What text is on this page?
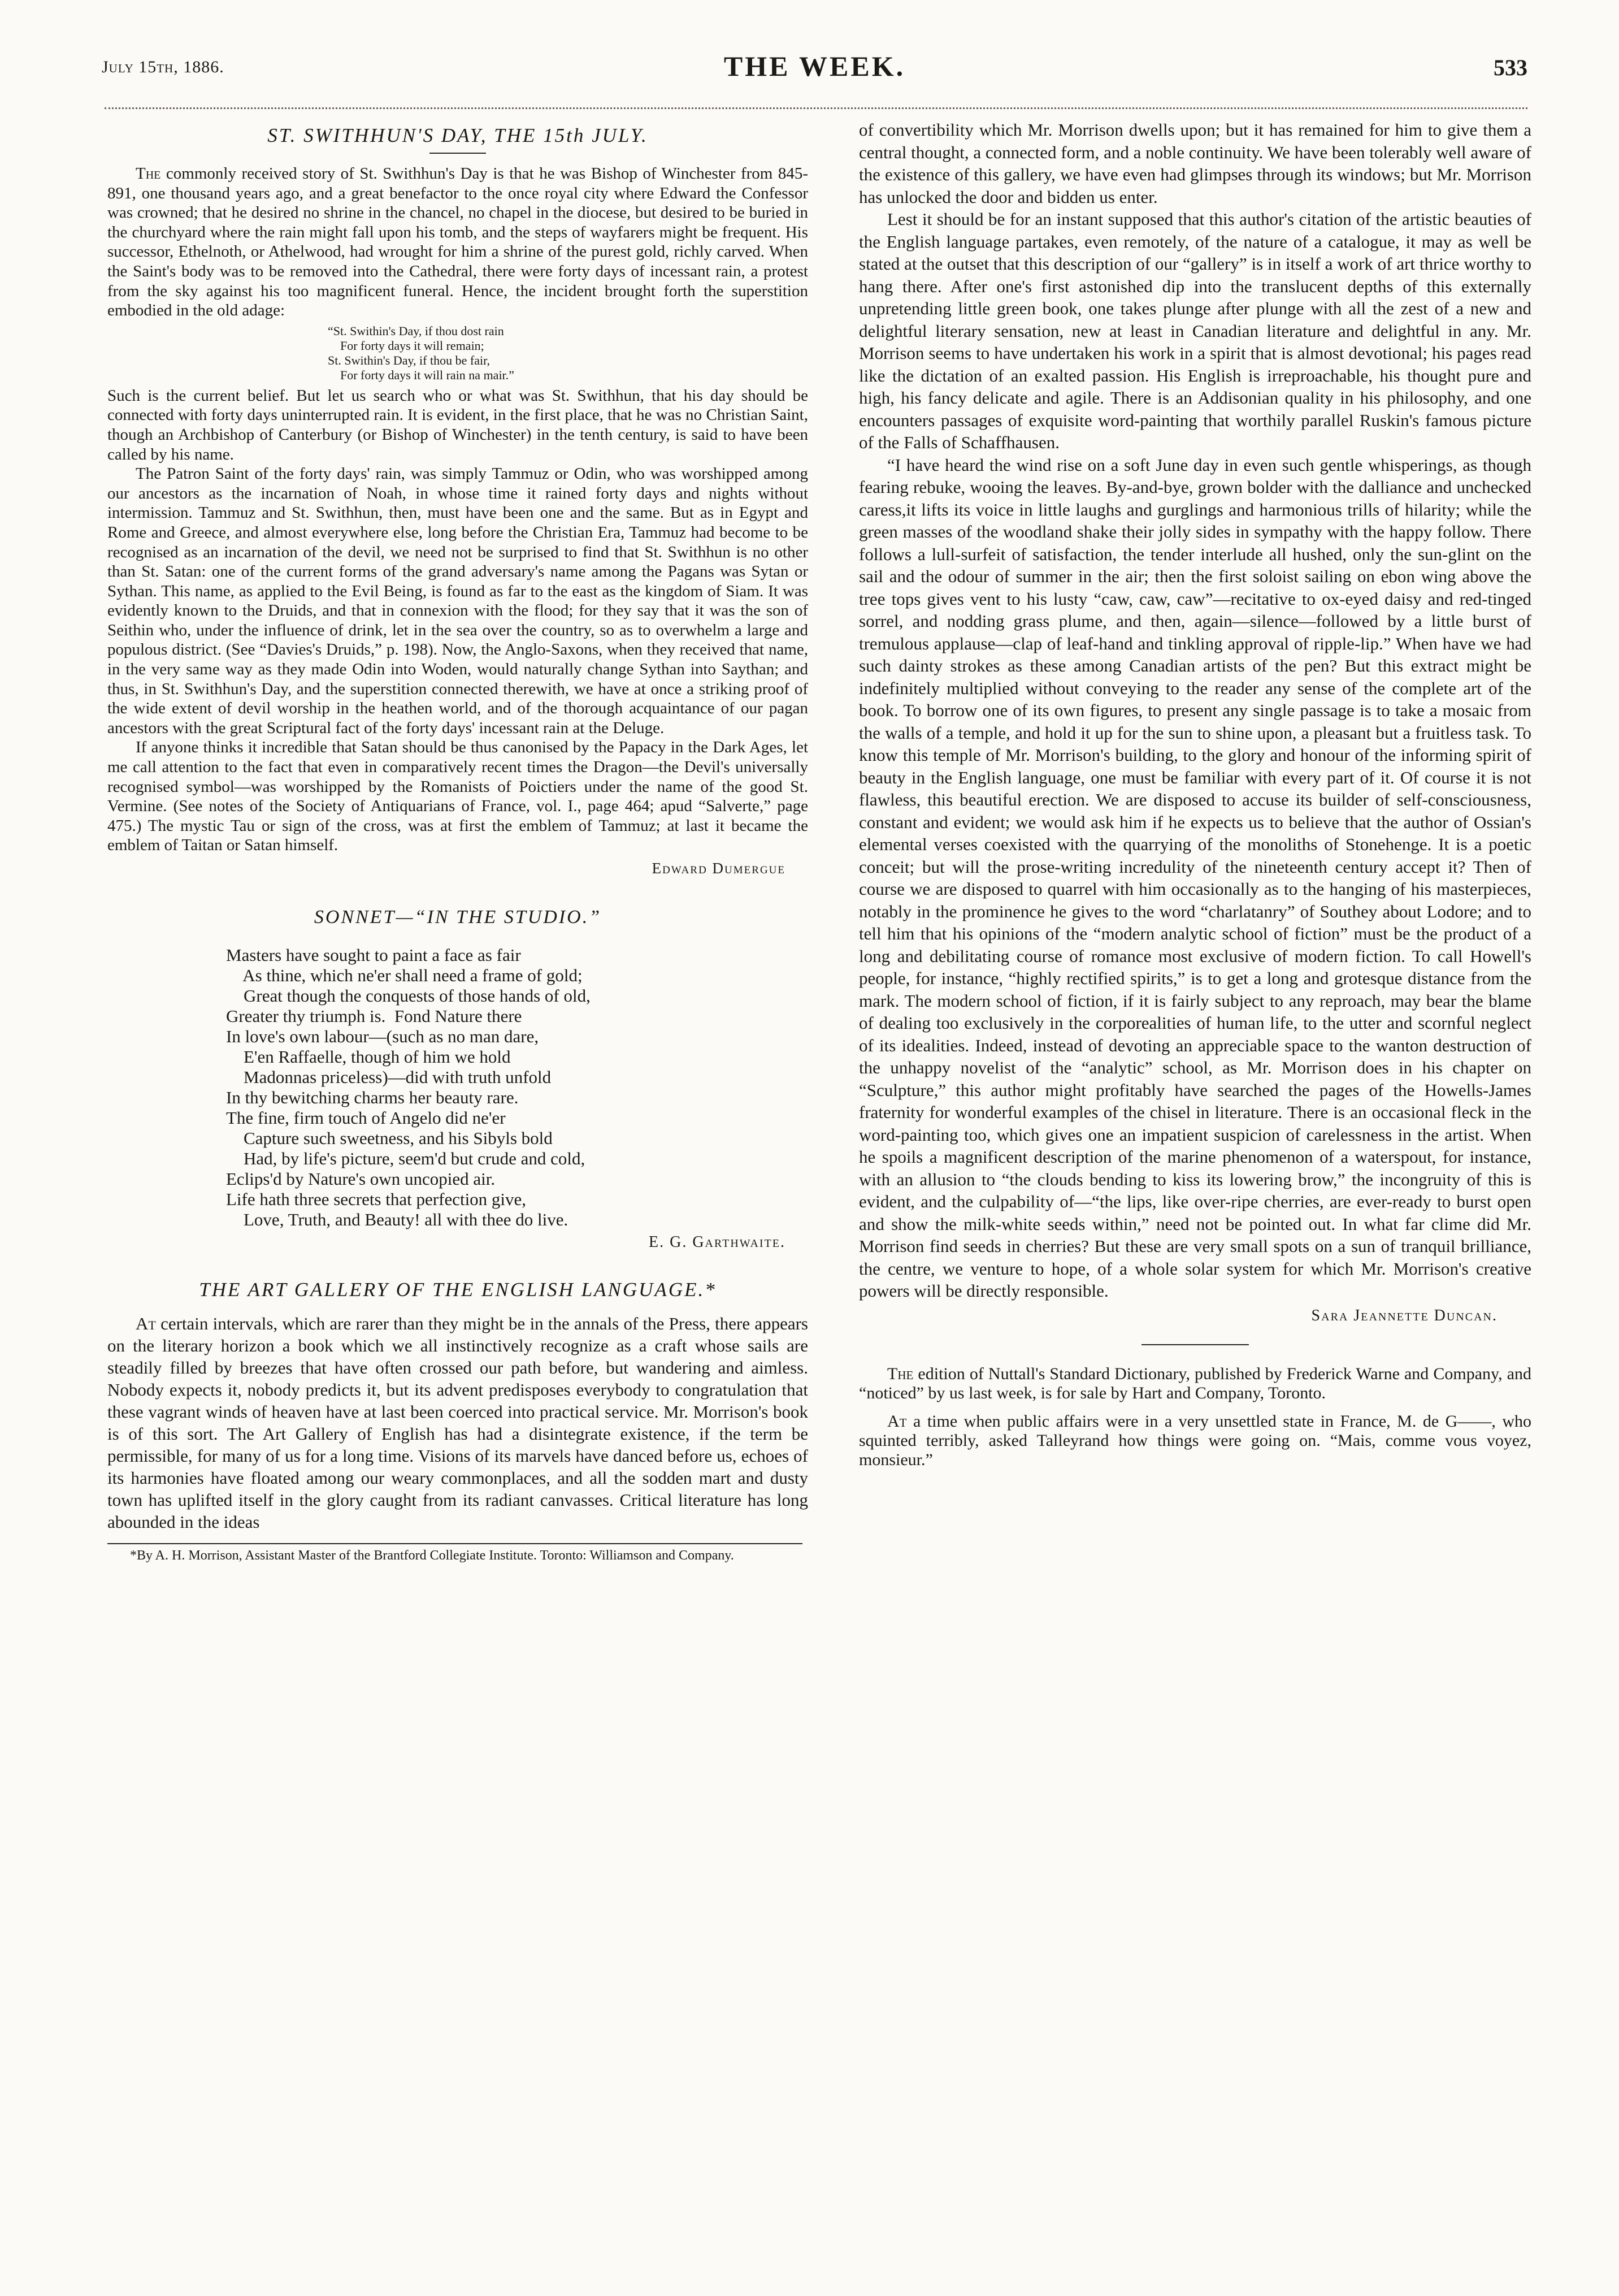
July 15th, 1886.	THE WEEK.	533
ST. SWITHHUN'S DAY, THE 15th JULY.

The commonly received story of St. Swithhun's Day is that he was Bishop of Winchester from 845-891, one thousand years ago, and a great benefactor to the once royal city where Edward the Confessor was crowned; that he desired no shrine in the chancel, no chapel in the diocese, but desired to be buried in the churchyard where the rain might fall upon his tomb, and the steps of wayfarers might be frequent. His successor, Ethelnoth, or Athelwood, had wrought for him a shrine of the purest gold, richly carved. When the Saint's body was to be removed into the Cathedral, there were forty days of incessant rain, a protest from the sky against his too magnificent funeral. Hence, the incident brought forth the superstition embodied in the old adage:

“St. Swithin's Day, if thou dost rain
For forty days it will remain;
St. Swithin's Day, if thou be fair,
For forty days it will rain na mair.”

Such is the current belief. But let us search who or what was St. Swithhun, that his day should be connected with forty days uninterrupted rain. It is evident, in the first place, that he was no Christian Saint, though an Archbishop of Canterbury (or Bishop of Winchester) in the tenth century, is said to have been called by his name.

The Patron Saint of the forty days' rain, was simply Tammuz or Odin, who was worshipped among our ancestors as the incarnation of Noah, in whose time it rained forty days and nights without intermission. Tammuz and St. Swithhun, then, must have been one and the same. But as in Egypt and Rome and Greece, and almost everywhere else, long before the Christian Era, Tammuz had become to be recognised as an incarnation of the devil, we need not be surprised to find that St. Swithhun is no other than St. Satan: one of the current forms of the grand adversary's name among the Pagans was Sytan or Sythan. This name, as applied to the Evil Being, is found as far to the east as the kingdom of Siam. It was evidently known to the Druids, and that in connexion with the flood; for they say that it was the son of Seithin who, under the influence of drink, let in the sea over the country, so as to overwhelm a large and populous district. (See “Davies's Druids,” p. 198). Now, the Anglo-Saxons, when they received that name, in the very same way as they made Odin into Woden, would naturally change Sythan into Saythan; and thus, in St. Swithhun's Day, and the superstition connected therewith, we have at once a striking proof of the wide extent of devil worship in the heathen world, and of the thorough acquaintance of our pagan ancestors with the great Scriptural fact of the forty days' incessant rain at the Deluge.

If anyone thinks it incredible that Satan should be thus canonised by the Papacy in the Dark Ages, let me call attention to the fact that even in comparatively recent times the Dragon—the Devil's universally recognised symbol—was worshipped by the Romanists of Poictiers under the name of the good St. Vermine. (See notes of the Society of Antiquarians of France, vol. I., page 464; apud “Salverte,” page 475.) The mystic Tau or sign of the cross, was at first the emblem of Tammuz; at last it became the emblem of Taitan or Satan himself.

Edward Dumergue
SONNET—“IN THE STUDIO.”
Masters have sought to paint a face as fair
As thine, which ne'er shall need a frame of gold;
Great though the conquests of those hands of old,
Greater thy triumph is.  Fond Nature there
In love's own labour—(such as no man dare,
E'en Raffaelle, though of him we hold
Madonnas priceless)—did with truth unfold
In thy bewitching charms her beauty rare.
The fine, firm touch of Angelo did ne'er
Capture such sweetness, and his Sibyls bold
Had, by life's picture, seem'd but crude and cold,
Eclips'd by Nature's own uncopied air.
Life hath three secrets that perfection give,
Love, Truth, and Beauty! all with thee do live.
E. G. Garthwaite.
THE ART GALLERY OF THE ENGLISH LANGUAGE.*

At certain intervals, which are rarer than they might be in the annals of the Press, there appears on the literary horizon a book which we all instinctively recognize as a craft whose sails are steadily filled by breezes that have often crossed our path before, but wandering and aimless. Nobody expects it, nobody predicts it, but its advent predisposes everybody to congratulation that these vagrant winds of heaven have at last been coerced into practical service. Mr. Morrison's book is of this sort. The Art Gallery of English has had a disintegrate existence, if the term be permissible, for many of us for a long time. Visions of its marvels have danced before us, echoes of its harmonies have floated among our weary commonplaces, and all the sodden mart and dusty town has uplifted itself in the glory caught from its radiant canvasses. Critical literature has long abounded in the ideas

*By A. H. Morrison, Assistant Master of the Brantford Collegiate Institute. Toronto: Williamson and Company.

of convertibility which Mr. Morrison dwells upon; but it has remained for him to give them a central thought, a connected form, and a noble continuity. We have been tolerably well aware of the existence of this gallery, we have even had glimpses through its windows; but Mr. Morrison has unlocked the door and bidden us enter.

Lest it should be for an instant supposed that this author's citation of the artistic beauties of the English language partakes, even remotely, of the nature of a catalogue, it may as well be stated at the outset that this description of our “gallery” is in itself a work of art thrice worthy to hang there. After one's first astonished dip into the translucent depths of this externally unpretending little green book, one takes plunge after plunge with all the zest of a new and delightful literary sensation, new at least in Canadian literature and delightful in any. Mr. Morrison seems to have undertaken his work in a spirit that is almost devotional; his pages read like the dictation of an exalted passion. His English is irreproachable, his thought pure and high, his fancy delicate and agile. There is an Addisonian quality in his philosophy, and one encounters passages of exquisite word-painting that worthily parallel Ruskin's famous picture of the Falls of Schaffhausen.

“I have heard the wind rise on a soft June day in even such gentle whisperings, as though fearing rebuke, wooing the leaves. By-and-bye, grown bolder with the dalliance and unchecked caress,it lifts its voice in little laughs and gurglings and harmonious trills of hilarity; while the green masses of the woodland shake their jolly sides in sympathy with the happy follow. There follows a lull-surfeit of satisfaction, the tender interlude all hushed, only the sun-glint on the sail and the odour of summer in the air; then the first soloist sailing on ebon wing above the tree tops gives vent to his lusty “caw, caw, caw”—recitative to ox-eyed daisy and red-tinged sorrel, and nodding grass plume, and then, again—silence—followed by a little burst of tremulous applause—clap of leaf-hand and tinkling approval of ripple-lip.” When have we had such dainty strokes as these among Canadian artists of the pen? But this extract might be indefinitely multiplied without conveying to the reader any sense of the complete art of the book. To borrow one of its own figures, to present any single passage is to take a mosaic from the walls of a temple, and hold it up for the sun to shine upon, a pleasant but a fruitless task. To know this temple of Mr. Morrison's building, to the glory and honour of the informing spirit of beauty in the English language, one must be familiar with every part of it. Of course it is not flawless, this beautiful erection. We are disposed to accuse its builder of self-consciousness, constant and evident; we would ask him if he expects us to believe that the author of Ossian's elemental verses coexisted with the quarrying of the monoliths of Stonehenge. It is a poetic conceit; but will the prose-writing incredulity of the nineteenth century accept it? Then of course we are disposed to quarrel with him occasionally as to the hanging of his masterpieces, notably in the prominence he gives to the word “charlatanry” of Southey about Lodore; and to tell him that his opinions of the “modern analytic school of fiction” must be the product of a long and debilitating course of romance most exclusive of modern fiction. To call Howell's people, for instance, “highly rectified spirits,” is to get a long and grotesque distance from the mark. The modern school of fiction, if it is fairly subject to any reproach, may bear the blame of dealing too exclusively in the corporealities of human life, to the utter and scornful neglect of its idealities. Indeed, instead of devoting an appreciable space to the wanton destruction of the unhappy novelist of the “analytic” school, as Mr. Morrison does in his chapter on “Sculpture,” this author might profitably have searched the pages of the Howells-James fraternity for wonderful examples of the chisel in literature. There is an occasional fleck in the word-painting too, which gives one an impatient suspicion of carelessness in the artist. When he spoils a magnificent description of the marine phenomenon of a waterspout, for instance, with an allusion to “the clouds bending to kiss its lowering brow,” the incongruity of this is evident, and the culpability of—“the lips, like over-ripe cherries, are ever-ready to burst open and show the milk-white seeds within,” need not be pointed out. In what far clime did Mr. Morrison find seeds in cherries? But these are very small spots on a sun of tranquil brilliance, the centre, we venture to hope, of a whole solar system for which Mr. Morrison's creative powers will be directly responsible.

Sara Jeannette Duncan.

The edition of Nuttall's Standard Dictionary, published by Frederick Warne and Company, and “noticed” by us last week, is for sale by Hart and Company, Toronto.

At a time when public affairs were in a very unsettled state in France, M. de G——, who squinted terribly, asked Talleyrand how things were going on. “Mais, comme vous voyez, monsieur.”
